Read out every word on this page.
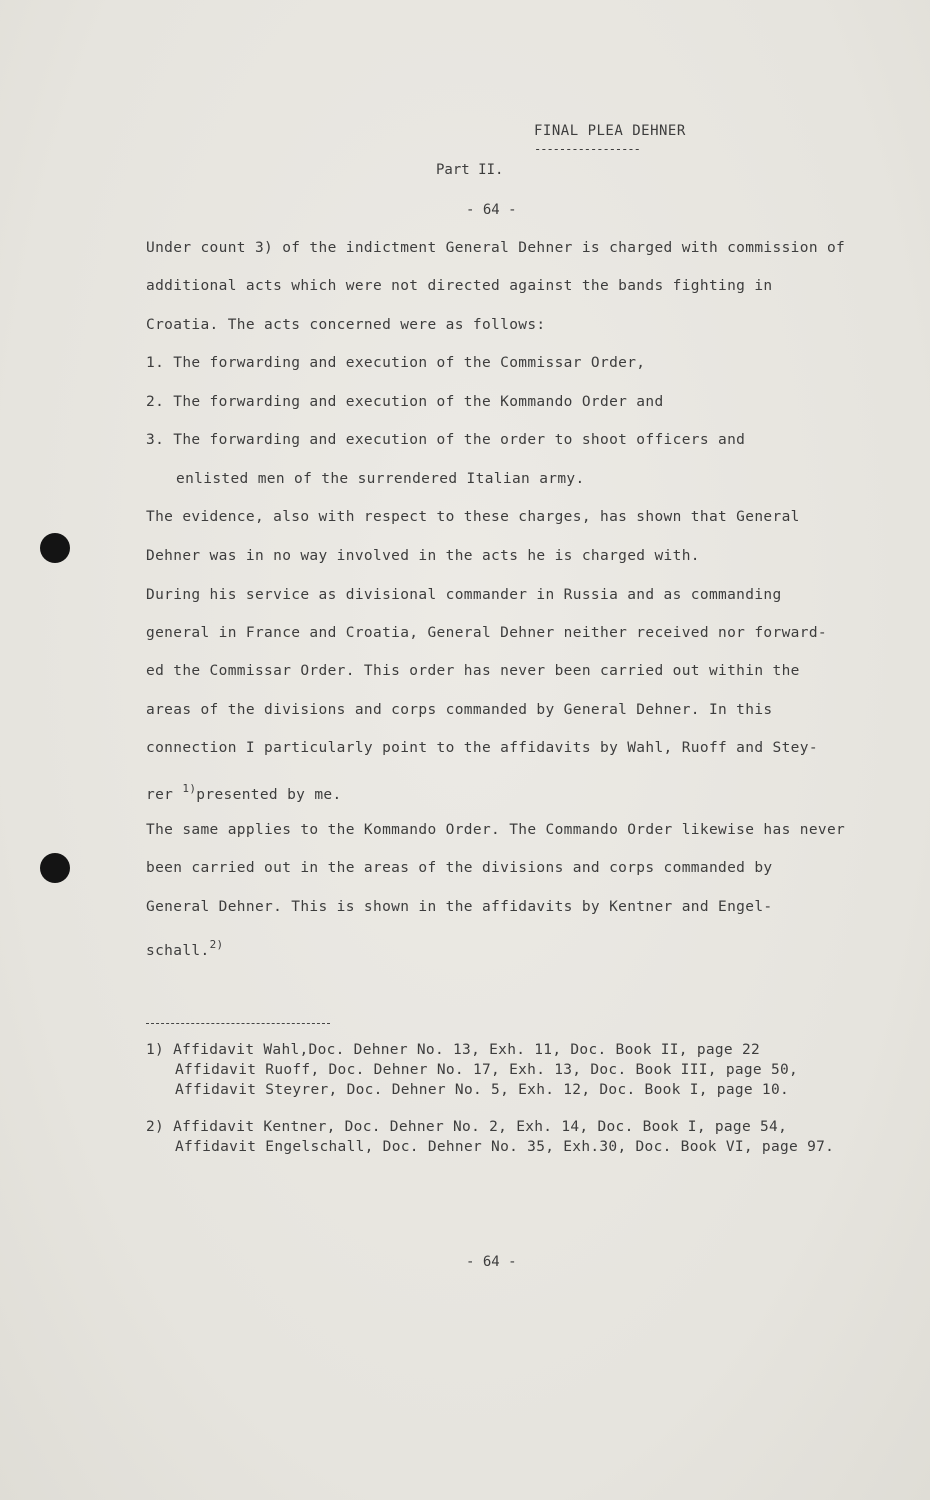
FINAL PLEA DEHNER
-----------------
Part II.
- 64 -
Under count 3) of the indictment General Dehner is charged with commission of
additional acts which were not directed against the bands fighting in
Croatia. The acts concerned were as follows:
1. The forwarding and execution of the Commissar Order,
2. The forwarding and execution of the Kommando Order and
3. The forwarding and execution of the order to shoot officers and
enlisted men of the surrendered Italian army.
The evidence, also with respect to these charges, has shown that General
Dehner was in no way involved in the acts he is charged with.
During his service as divisional commander in Russia and as commanding
general in France and Croatia, General Dehner neither received nor forward-
ed the Commissar Order. This order has never been carried out within the
areas of the divisions and corps commanded by General Dehner. In this
connection I particularly point to the affidavits by Wahl, Ruoff and Stey-
rer $^{1)}$presented by me.
The same applies to the Kommando Order. The Commando Order likewise has never
been carried out in the areas of the divisions and corps commanded by
General Dehner. This is shown in the affidavits by Kentner and Engel-
schall.$^{2)}$
1) Affidavit Wahl,Doc. Dehner No. 13, Exh. 11, Doc. Book II, page 22
Affidavit Ruoff, Doc. Dehner No. 17, Exh. 13, Doc. Book III, page 50,
Affidavit Steyrer, Doc. Dehner No. 5, Exh. 12, Doc. Book I, page 10.
2) Affidavit Kentner, Doc. Dehner No. 2, Exh. 14, Doc. Book I, page 54,
Affidavit Engelschall, Doc. Dehner No. 35, Exh.30, Doc. Book VI, page 97.
- 64 -
